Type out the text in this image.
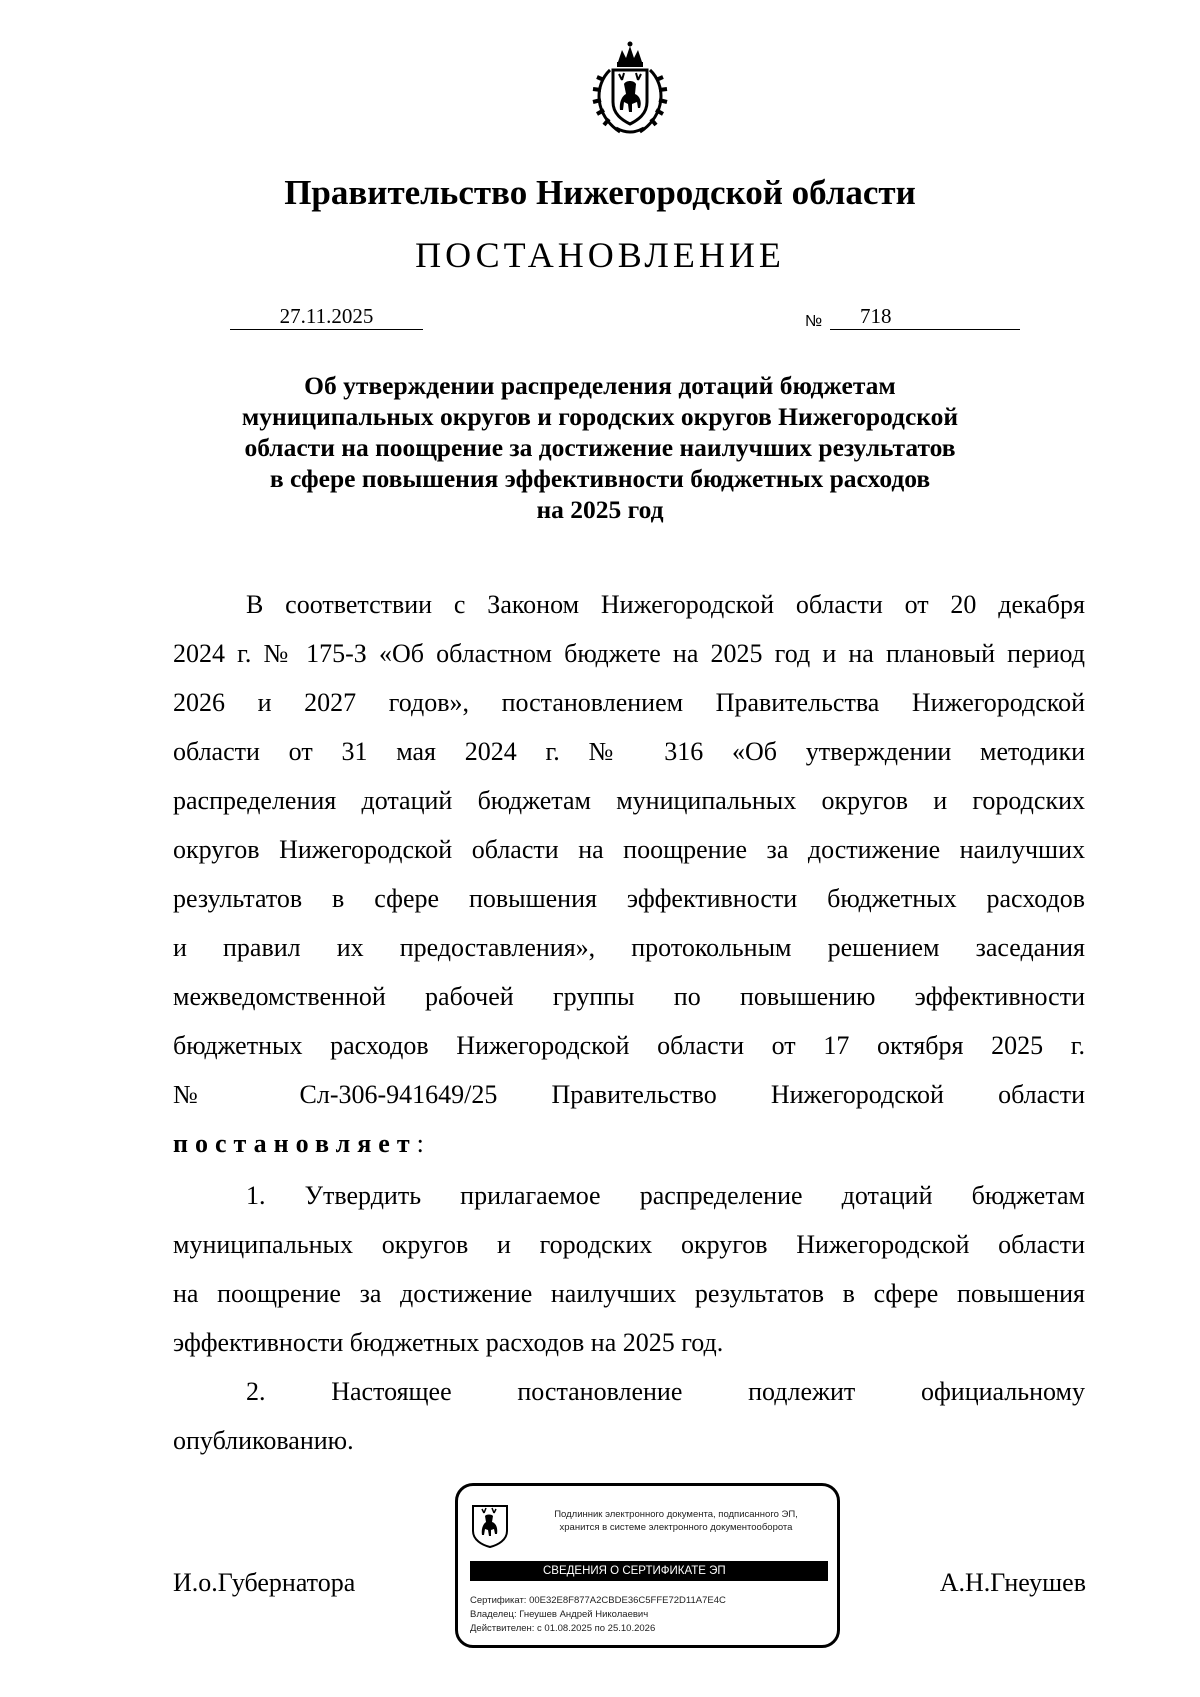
Правительство Нижегородской области
ПОСТАНОВЛЕНИЕ
27.11.2025	№	718
Об утверждении распределения дотаций бюджетам
муниципальных округов и городских округов Нижегородской
области на поощрение за достижение наилучших результатов
в сфере повышения эффективности бюджетных расходов
на 2025 год
В соответствии с Законом Нижегородской области от 20 декабря
2024 г. № 175-З «Об областном бюджете на 2025 год и на плановый период
2026 и 2027 годов», постановлением Правительства Нижегородской
области от 31 мая 2024 г. № 316 «Об утверждении методики
распределения дотаций бюджетам муниципальных округов и городских
округов Нижегородской области на поощрение за достижение наилучших
результатов в сфере повышения эффективности бюджетных расходов
и правил их предоставления», протокольным решением заседания
межведомственной рабочей группы по повышению эффективности
бюджетных расходов Нижегородской области от 17 октября 2025 г.
№ Сл-306-941649/25 Правительство Нижегородской области
постановляет:
1. Утвердить прилагаемое распределение дотаций бюджетам
муниципальных округов и городских округов Нижегородской области
на поощрение за достижение наилучших результатов в сфере повышения
эффективности бюджетных расходов на 2025 год.
2. Настоящее постановление подлежит официальному
опубликованию.
И.о.Губернатора	А.Н.Гнеушев
Подлинник электронного документа, подписанного ЭП,
хранится в системе электронного документооборота
СВЕДЕНИЯ О СЕРТИФИКАТЕ ЭП
Сертификат: 00E32E8F877A2CBDE36C5FFE72D11A7E4C
Владелец: Гнеушев Андрей Николаевич
Действителен: с 01.08.2025 по 25.10.2026
